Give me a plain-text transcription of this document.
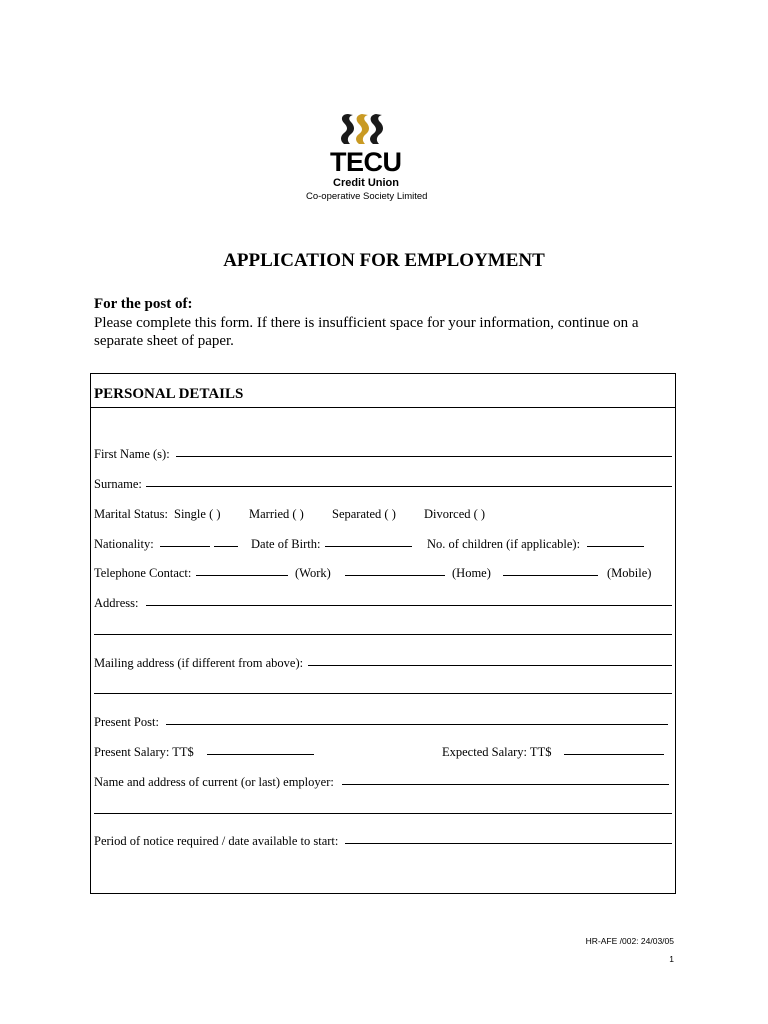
TECU
Credit Union
Co-operative Society Limited
APPLICATION FOR EMPLOYMENT
For the post of:
Please complete this form. If there is insufficient space for your information, continue on a separate sheet of paper.
PERSONAL DETAILS
First Name (s):
Surname:
Marital Status: Single ( ) Married ( ) Separated ( ) Divorced ( )
Nationality:	Date of Birth:	No. of children (if applicable):
Telephone Contact:	(Work)	(Home)	(Mobile)
Address:
Mailing address (if different from above):
Present Post:
Present Salary: TT$	Expected Salary: TT$
Name and address of current (or last) employer:
Period of notice required / date available to start:
HR-AFE /002: 24/03/05
1
